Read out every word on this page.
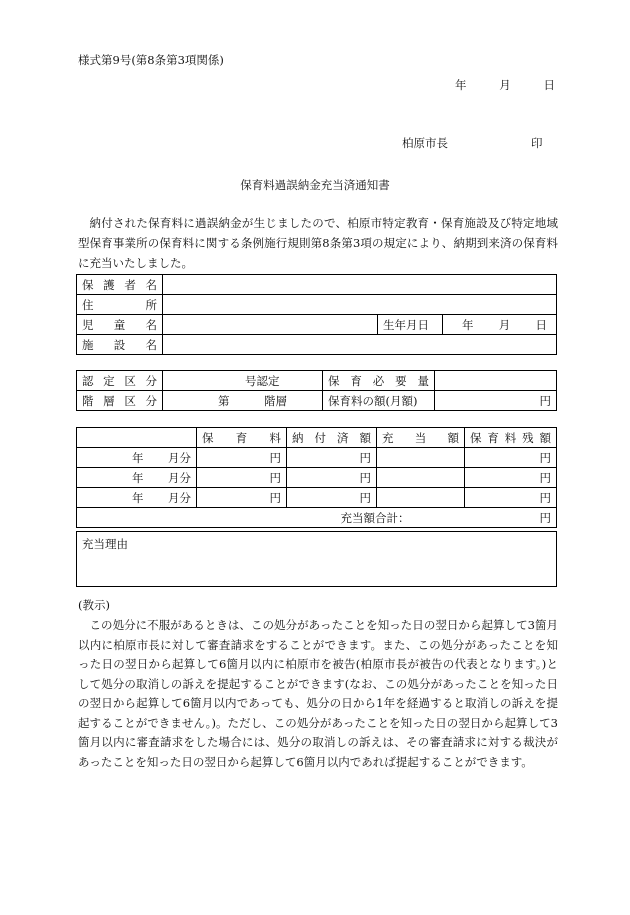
様式第9号(第8条第3項関係)
年	月	日
柏原市長	印
保育料過誤納金充当済通知書
納付された保育料に過誤納金が生じましたので、柏原市特定教育・保育施設及び特定地域型保育事業所の保育料に関する条例施行規則第8条第3項の規定により、納期到来済の保育料に充当いたしました。
保護者名			
住所			
児童名		生年月日	年 月 日

施設名			
認定区分	号認定	保育必要量	
階層区分	第 階層	保育料の額(月額)	円
	保育料	納付済額	充当額	保育料残額

年 月分	円	円		円

年 月分	円	円		円

年 月分	円	円		円

充当額合計： 円				
充当理由
(教示)
この処分に不服があるときは、この処分があったことを知った日の翌日から起算して3箇月以内に柏原市長に対して審査請求をすることができます。また、この処分があったことを知った日の翌日から起算して6箇月以内に柏原市を被告(柏原市長が被告の代表となります。)として処分の取消しの訴えを提起することができます(なお、この処分があったことを知った日の翌日から起算して6箇月以内であっても、処分の日から1年を経過すると取消しの訴えを提起することができません。)。ただし、この処分があったことを知った日の翌日から起算して3箇月以内に審査請求をした場合には、処分の取消しの訴えは、その審査請求に対する裁決があったことを知った日の翌日から起算して6箇月以内であれば提起することができます。
